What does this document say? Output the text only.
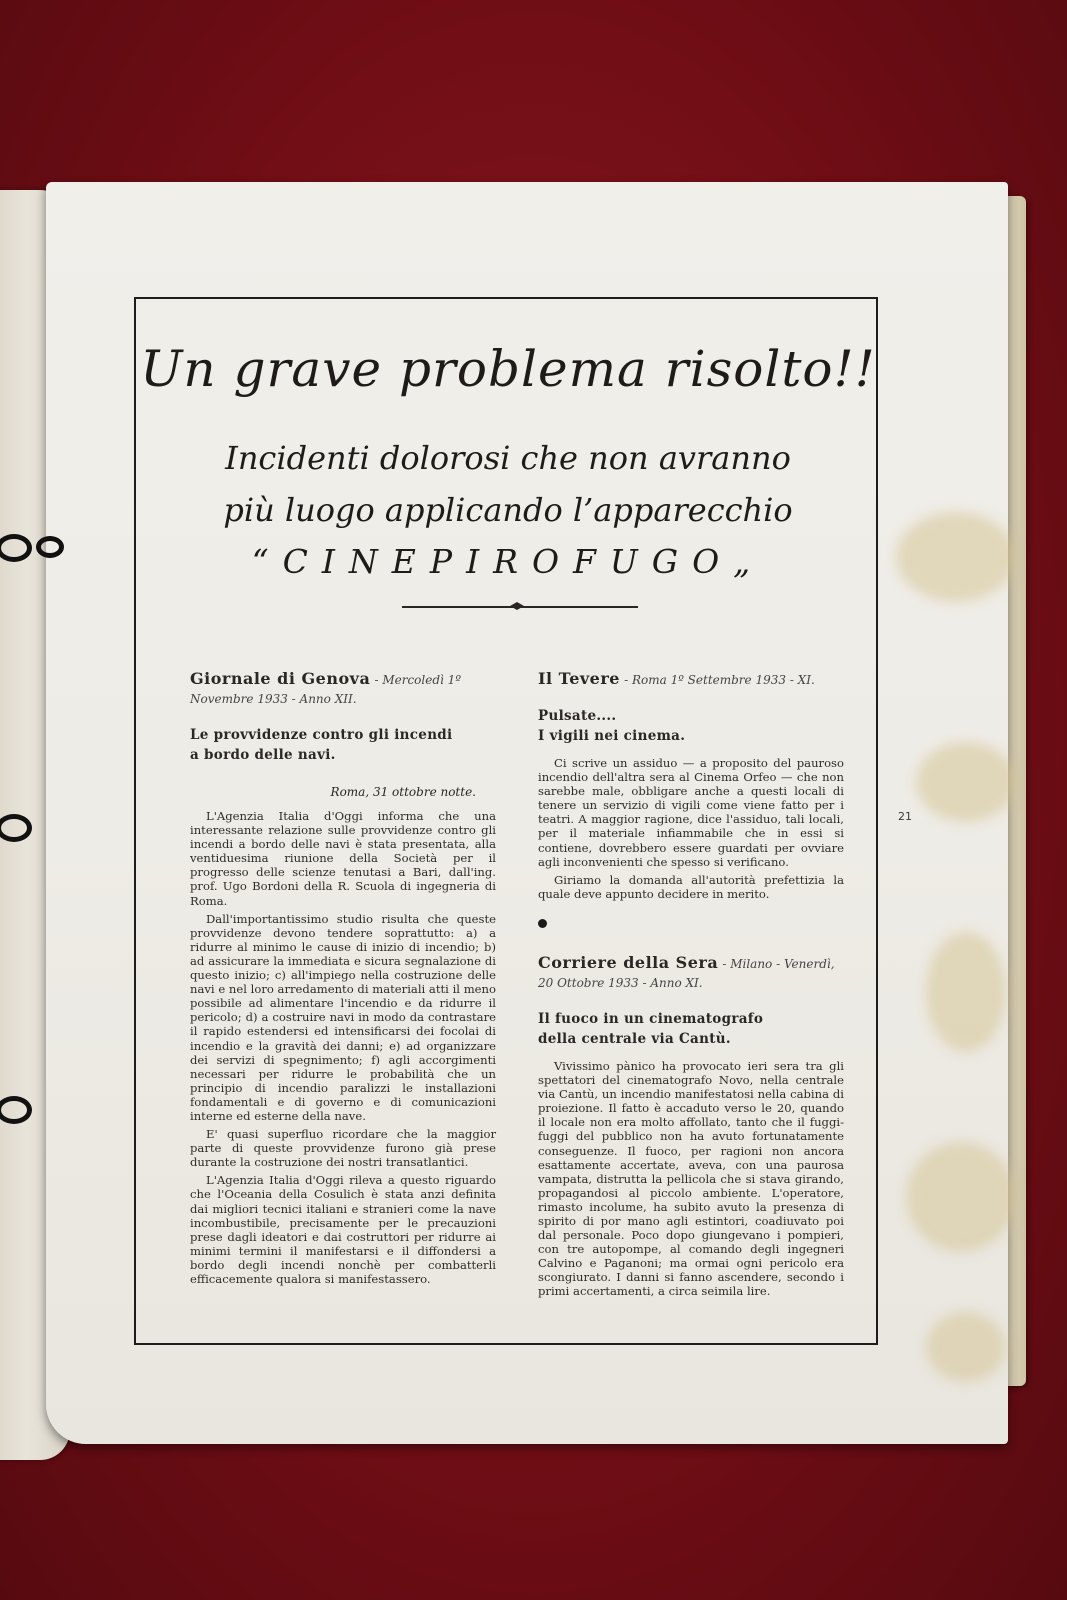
Un grave problema risolto!!
Incidenti dolorosi che non avranno
più luogo applicando l’apparecchio
“CINEPIROFUGO„

Giornale di Genova - Mercoledì 1º Novembre 1933 - Anno XII.

Le provvidenze contro gli incendi
a bordo delle navi.

Roma, 31 ottobre notte.

L'Agenzia Italia d'Oggi informa che una interessante relazione sulle provvidenze contro gli incendi a bordo delle navi è stata presentata, alla ventiduesima riunione della Società per il progresso delle scienze tenutasi a Bari, dall'ing. prof. Ugo Bordoni della R. Scuola di ingegneria di Roma.

Dall'importantissimo studio risulta che queste provvidenze devono tendere soprattutto: a) a ridurre al minimo le cause di inizio di incendio; b) ad assicurare la immediata e sicura segnalazione di questo inizio; c) all'impiego nella costruzione delle navi e nel loro arredamento di materiali atti il meno possibile ad alimentare l'incendio e da ridurre il pericolo; d) a costruire navi in modo da contrastare il rapido estendersi ed intensificarsi dei focolai di incendio e la gravità dei danni; e) ad organizzare dei servizi di spegnimento; f) agli accorgimenti necessari per ridurre le probabilità che un principio di incendio paralizzi le installazioni fondamentali e di governo e di comunicazioni interne ed esterne della nave.

E' quasi superfluo ricordare che la maggior parte di queste provvidenze furono già prese durante la costruzione dei nostri transatlantici.

L'Agenzia Italia d'Oggi rileva a questo riguardo che l'Oceania della Cosulich è stata anzi definita dai migliori tecnici italiani e stranieri come la nave incombustibile, precisamente per le precauzioni prese dagli ideatori e dai costruttori per ridurre ai minimi termini il manifestarsi e il diffondersi a bordo degli incendi nonchè per combatterli efficacemente qualora si manifestassero.

Il Tevere - Roma 1º Settembre 1933 - XI.

Pulsate....
I vigili nei cinema.

Ci scrive un assiduo — a proposito del pauroso incendio dell'altra sera al Cinema Orfeo — che non sarebbe male, obbligare anche a questi locali di tenere un servizio di vigili come viene fatto per i teatri. A maggior ragione, dice l'assiduo, tali locali, per il materiale infiammabile che in essi si contiene, dovrebbero essere guardati per ovviare agli inconvenienti che spesso si verificano.

Giriamo la domanda all'autorità prefettizia la quale deve appunto decidere in merito.

Corriere della Sera - Milano - Venerdì, 20 Ottobre 1933 - Anno XI.

Il fuoco in un cinematografo
della centrale via Cantù.

Vivissimo pànico ha provocato ieri sera tra gli spettatori del cinematografo Novo, nella centrale via Cantù, un incendio manifestatosi nella cabina di proiezione. Il fatto è accaduto verso le 20, quando il locale non era molto affollato, tanto che il fuggi-fuggi del pubblico non ha avuto fortunatamente conseguenze. Il fuoco, per ragioni non ancora esattamente accertate, aveva, con una paurosa vampata, distrutta la pellicola che si stava girando, propagandosi al piccolo ambiente. L'operatore, rimasto incolume, ha subito avuto la presenza di spirito di por mano agli estintori, coadiuvato poi dal personale. Poco dopo giungevano i pompieri, con tre autopompe, al comando degli ingegneri Calvino e Paganoni; ma ormai ogni pericolo era scongiurato. I danni si fanno ascendere, secondo i primi accertamenti, a circa seimila lire.

21
